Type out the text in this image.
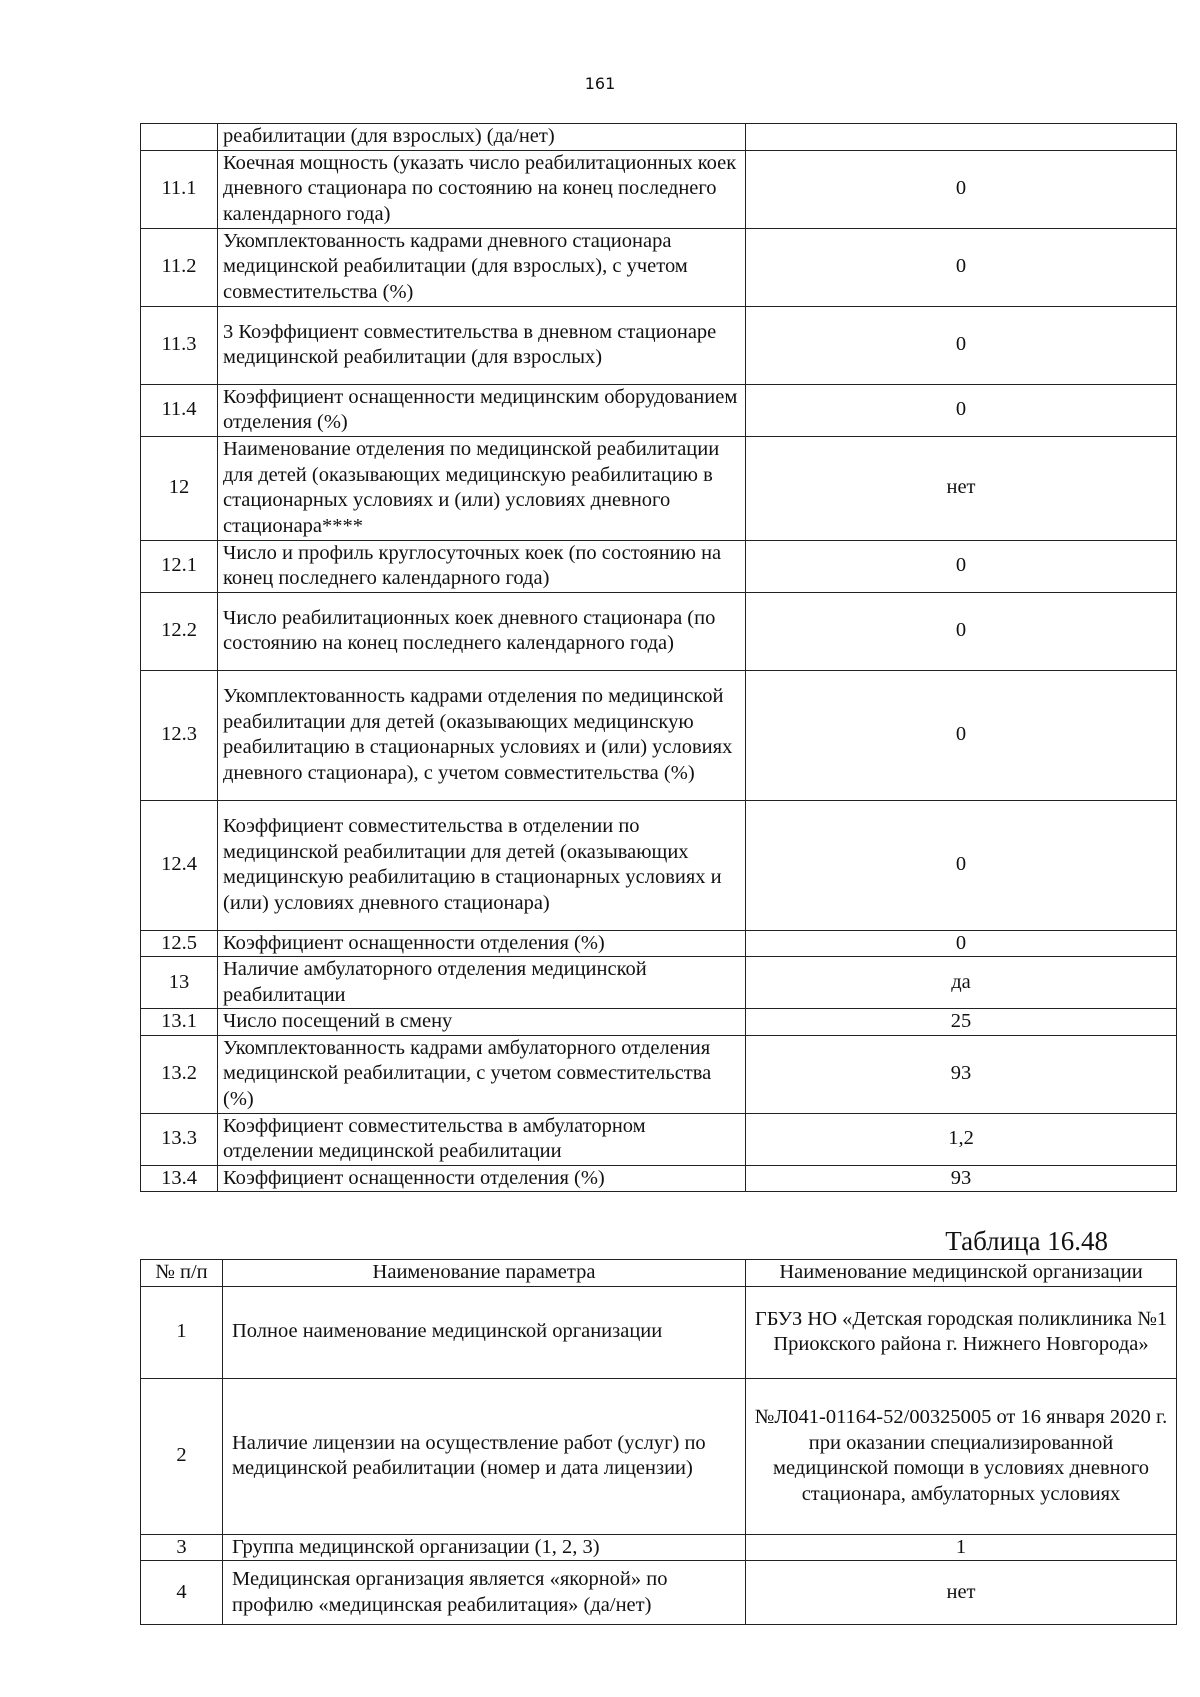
161
	реабилитации (для взрослых) (да/нет)	
11.1	Коечная мощность (указать число реабилитационных коек дневного стационара по состоянию на конец последнего календарного года)	0
11.2	Укомплектованность кадрами дневного стационара медицинской реабилитации (для взрослых), с учетом совместительства (%)	0
11.3	3 Коэффициент совместительства в дневном стационаре медицинской реабилитации (для взрослых)	0
11.4	Коэффициент оснащенности медицинским оборудованием отделения (%)	0
12	Наименование отделения по медицинской реабилитации для детей (оказывающих медицинскую реабилитацию в стационарных условиях и (или) условиях дневного стационара****	нет
12.1	Число и профиль круглосуточных коек (по состоянию на конец последнего календарного года)	0
12.2	Число реабилитационных коек дневного стационара (по состоянию на конец последнего календарного года)	0
12.3	Укомплектованность кадрами отделения по медицинской реабилитации для детей (оказывающих медицинскую реабилитацию в стационарных условиях и (или) условиях дневного стационара), с учетом совместительства (%)	0
12.4	Коэффициент совместительства в отделении по медицинской реабилитации для детей (оказывающих медицинскую реабилитацию в стационарных условиях и (или) условиях дневного стационара)	0
12.5	Коэффициент оснащенности отделения (%)	0
13	Наличие амбулаторного отделения медицинской реабилитации	да
13.1	Число посещений в смену	25
13.2	Укомплектованность кадрами амбулаторного отделения медицинской реабилитации, с учетом совместительства (%)	93
13.3	Коэффициент совместительства в амбулаторном отделении медицинской реабилитации	1,2
13.4	Коэффициент оснащенности отделения (%)	93
Таблица 16.48
№ п/п	Наименование параметра	Наименование медицинской организации
1	Полное наименование медицинской организации	ГБУЗ НО «Детская городская поликлиника №1 Приокского района г. Нижнего Новгорода»
2	Наличие лицензии на осуществление работ (услуг) по медицинской реабилитации (номер и дата лицензии)	№Л041-01164-52/00325005 от 16 января 2020 г. при оказании специализированной медицинской помощи в условиях дневного стационара, амбулаторных условиях
3	Группа медицинской организации (1, 2, 3)	1
4	Медицинская организация является «якорной» по профилю «медицинская реабилитация» (да/нет)	нет
